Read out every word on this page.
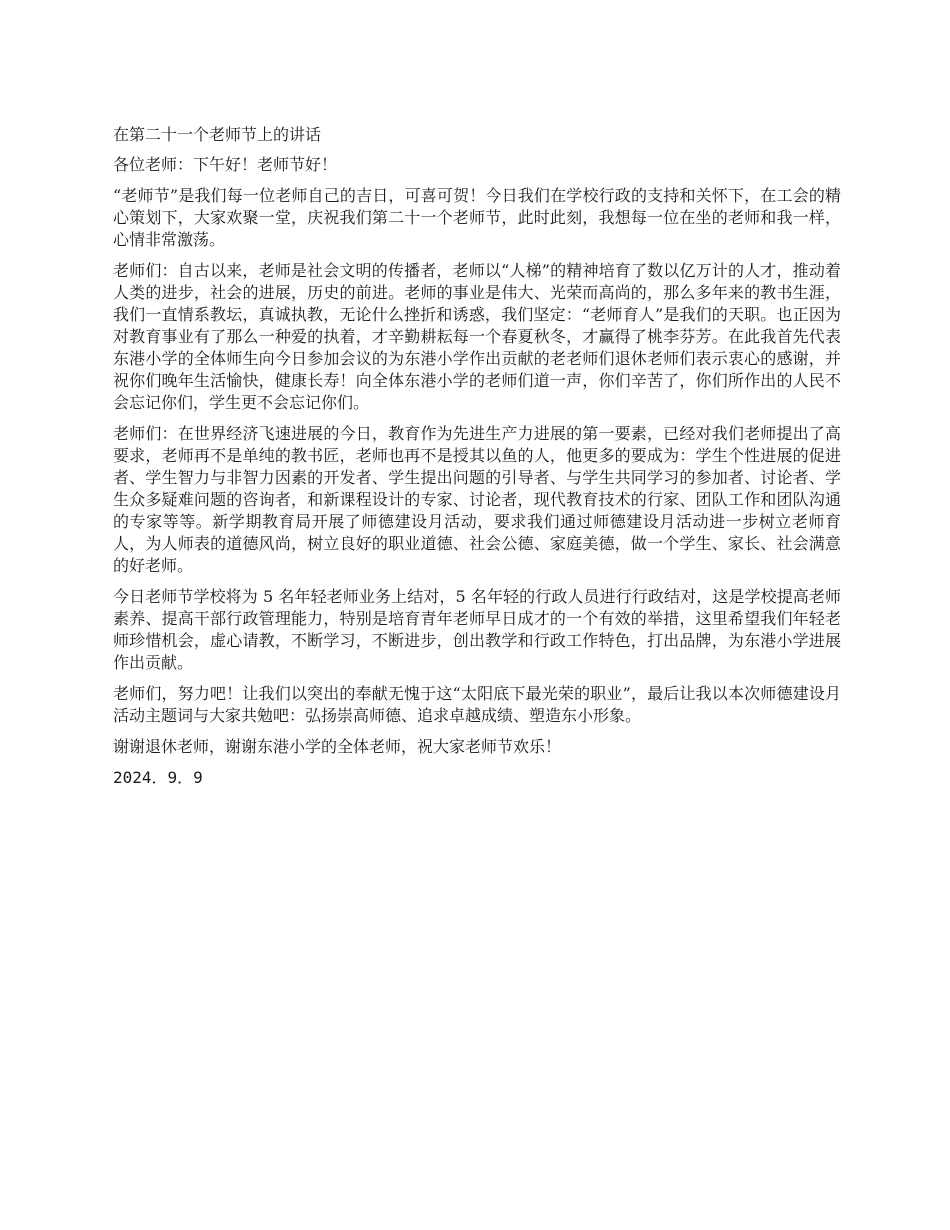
在第二十一个老师节上的讲话
各位老师：下午好！老师节好！
“老师节”是我们每一位老师自己的吉日，可喜可贺！今日我们在学校行政的支持和关怀下，在工会的精心策划下，大家欢聚一堂，庆祝我们第二十一个老师节，此时此刻，我想每一位在坐的老师和我一样，心情非常激荡。
老师们：自古以来，老师是社会文明的传播者，老师以“人梯”的精神培育了数以亿万计的人才，推动着人类的进步，社会的进展，历史的前进。老师的事业是伟大、光荣而高尚的，那么多年来的教书生涯，我们一直情系教坛，真诚执教，无论什么挫折和诱惑，我们坚定：“老师育人”是我们的天职。也正因为对教育事业有了那么一种爱的执着，才辛勤耕耘每一个春夏秋冬，才赢得了桃李芬芳。在此我首先代表东港小学的全体师生向今日参加会议的为东港小学作出贡献的老老师们退休老师们表示衷心的感谢，并祝你们晚年生活愉快，健康长寿！向全体东港小学的老师们道一声，你们辛苦了，你们所作出的人民不会忘记你们，学生更不会忘记你们。
老师们：在世界经济飞速进展的今日，教育作为先进生产力进展的第一要素，已经对我们老师提出了高要求，老师再不是单纯的教书匠，老师也再不是授其以鱼的人，他更多的要成为：学生个性进展的促进者、学生智力与非智力因素的开发者、学生提出问题的引导者、与学生共同学习的参加者、讨论者、学生众多疑难问题的咨询者，和新课程设计的专家、讨论者，现代教育技术的行家、团队工作和团队沟通的专家等等。新学期教育局开展了师德建设月活动，要求我们通过师德建设月活动进一步树立老师育人，为人师表的道德风尚，树立良好的职业道德、社会公德、家庭美德，做一个学生、家长、社会满意的好老师。
今日老师节学校将为 5 名年轻老师业务上结对，5 名年轻的行政人员进行行政结对，这是学校提高老师素养、提高干部行政管理能力，特别是培育青年老师早日成才的一个有效的举措，这里希望我们年轻老师珍惜机会，虚心请教，不断学习，不断进步，创出教学和行政工作特色，打出品牌，为东港小学进展作出贡献。
老师们，努力吧！让我们以突出的奉献无愧于这“太阳底下最光荣的职业”，最后让我以本次师德建设月活动主题词与大家共勉吧：弘扬崇高师德、追求卓越成绩、塑造东小形象。
谢谢退休老师，谢谢东港小学的全体老师，祝大家老师节欢乐！
2024．9．9
